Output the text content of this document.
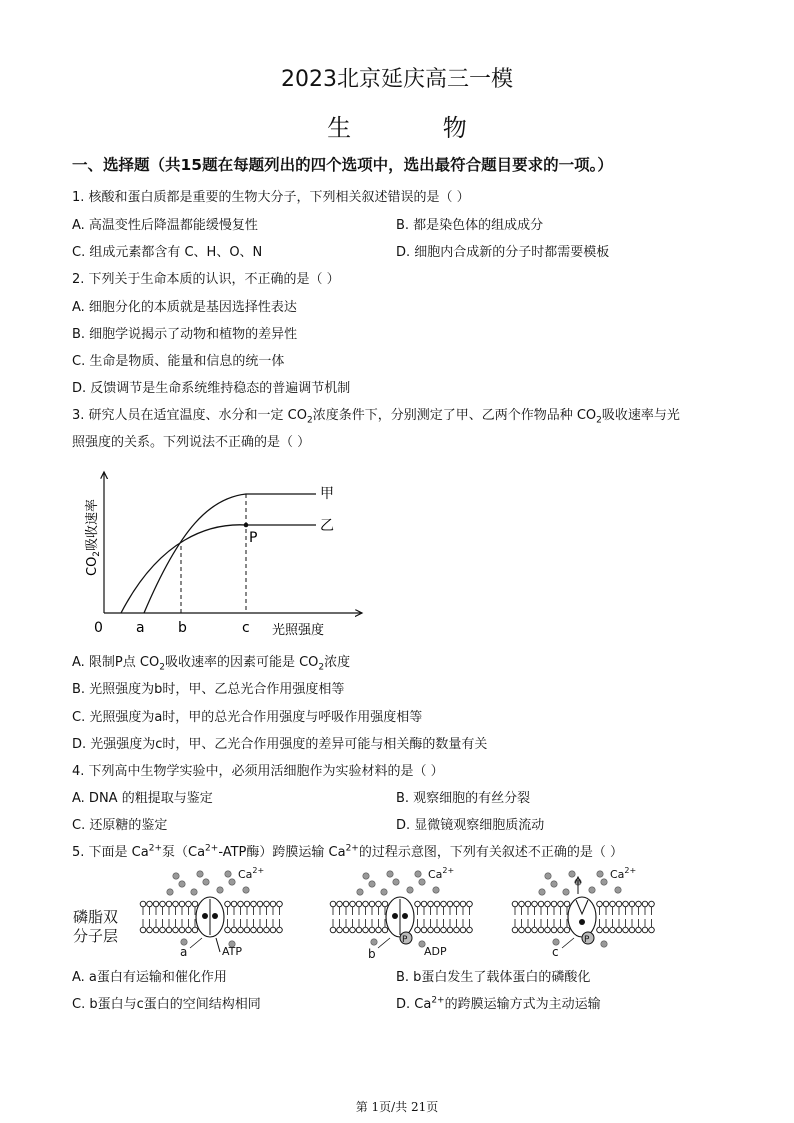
2023北京延庆高三一模
生 物
一、选择题（共15题在每题列出的四个选项中，选出最符合题目要求的一项。）
1. 核酸和蛋白质都是重要的生物大分子，下列相关叙述错误的是（ ）
A. 高温变性后降温都能缓慢复性	B. 都是染色体的组成成分
C. 组成元素都含有 C、H、O、N	D. 细胞内合成新的分子时都需要模板
2. 下列关于生命本质的认识，不正确的是（ ）
A. 细胞分化的本质就是基因选择性表达
B. 细胞学说揭示了动物和植物的差异性
C. 生命是物质、能量和信息的统一体
D. 反馈调节是生命系统维持稳态的普遍调节机制
3. 研究人员在适宜温度、水分和一定 $CO_2$浓度条件下，分别测定了甲、乙两个作物品种 $CO_2$吸收速率与光
照强度的关系。下列说法不正确的是（ ）
P
甲
乙
0 a b	c 光照强度
$CO_2$吸收速率
A. 限制P点 $CO_2$吸收速率的因素可能是 $CO_2$浓度
B. 光照强度为b时，甲、乙总光合作用强度相等
C. 光照强度为a时，甲的总光合作用强度与呼吸作用强度相等
D. 光强强度为c时，甲、乙光合作用强度的差异可能与相关酶的数量有关
4. 下列高中生物学实验中，必须用活细胞作为实验材料的是（ ）
A. DNA 的粗提取与鉴定	B. 观察细胞的有丝分裂
C. 还原糖的鉴定	D. 显微镜观察细胞质流动
5. 下面是 $Ca^{2+}$泵（$Ca^{2+}$-ATP酶）跨膜运输 $Ca^{2+}$的过程示意图，下列有关叙述不正确的是（ ）
磷脂双
分子层
$Ca^{2+}$
ATP
a
$Ca^{2+}$
P
ADP
b
$Ca^{2+}$
P
c
A. a蛋白有运输和催化作用	B. b蛋白发生了载体蛋白的磷酸化
C. b蛋白与c蛋白的空间结构相同	D. $Ca^{2+}$的跨膜运输方式为主动运输
第 1页/共 21页
